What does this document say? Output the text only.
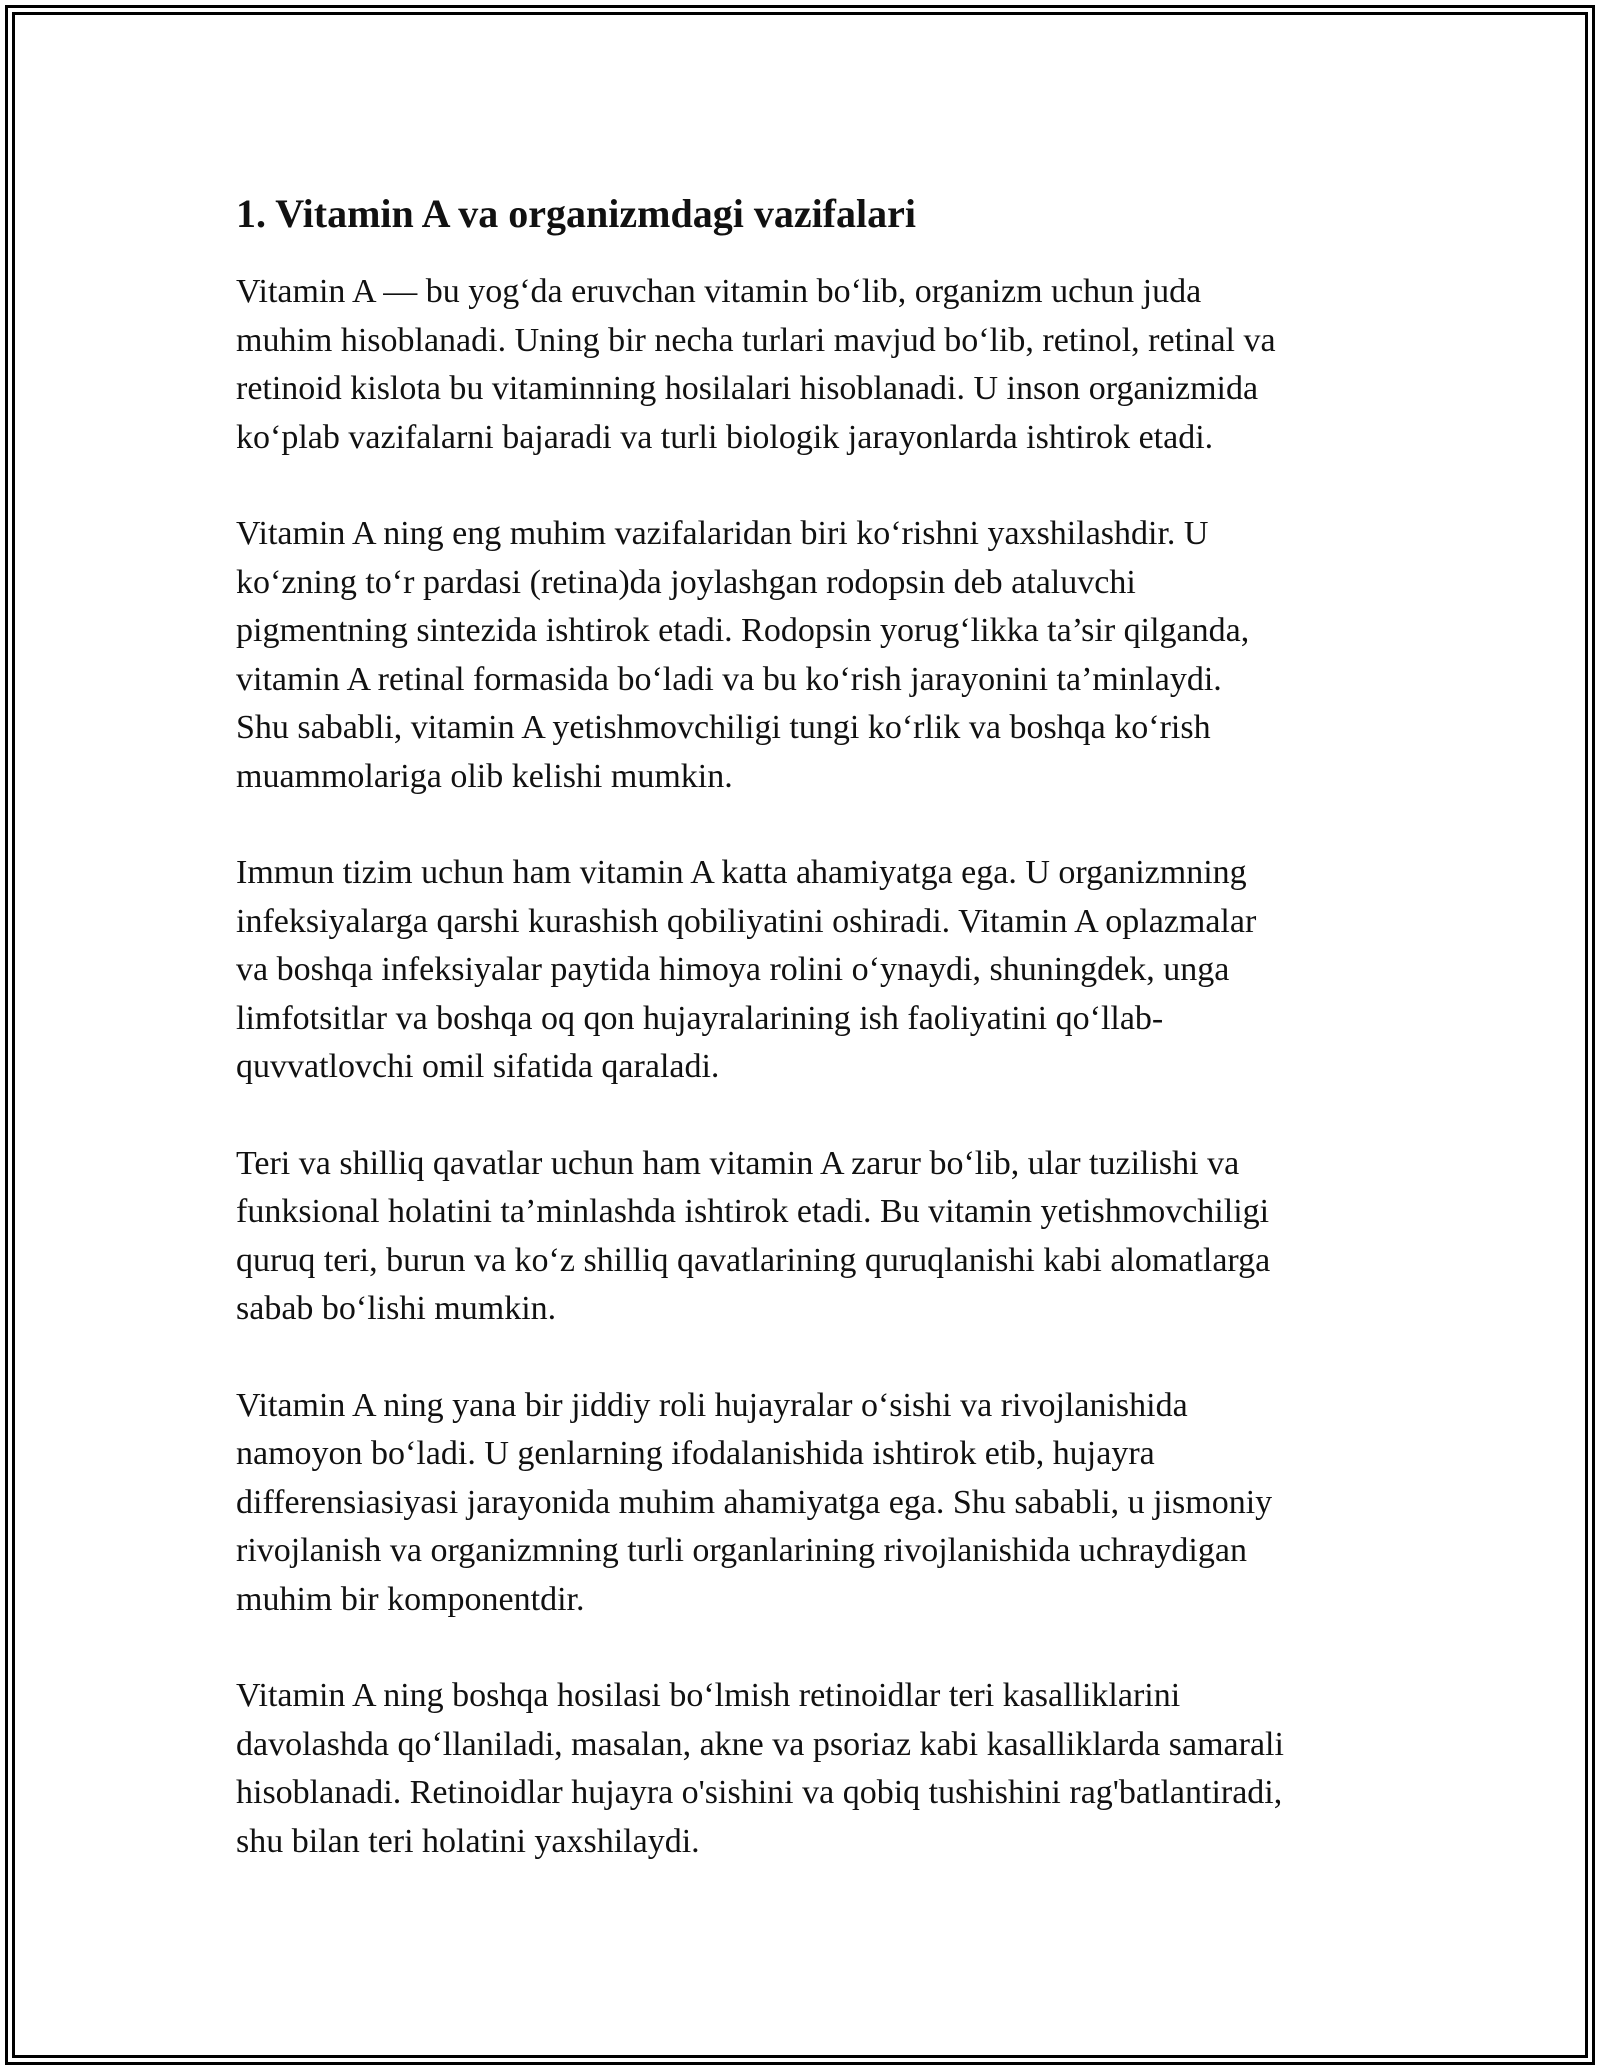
1. Vitamin A va organizmdagi vazifalari

Vitamin A — bu yog‘da eruvchan vitamin bo‘lib, organizm uchun juda
muhim hisoblanadi. Uning bir necha turlari mavjud bo‘lib, retinol, retinal va
retinoid kislota bu vitaminning hosilalari hisoblanadi. U inson organizmida
ko‘plab vazifalarni bajaradi va turli biologik jarayonlarda ishtirok etadi.

Vitamin A ning eng muhim vazifalaridan biri ko‘rishni yaxshilashdir. U
ko‘zning to‘r pardasi (retina)da joylashgan rodopsin deb ataluvchi
pigmentning sintezida ishtirok etadi. Rodopsin yorug‘likka ta’sir qilganda,
vitamin A retinal formasida bo‘ladi va bu ko‘rish jarayonini ta’minlaydi.
Shu sababli, vitamin A yetishmovchiligi tungi ko‘rlik va boshqa ko‘rish
muammolariga olib kelishi mumkin.

Immun tizim uchun ham vitamin A katta ahamiyatga ega. U organizmning
infeksiyalarga qarshi kurashish qobiliyatini oshiradi. Vitamin A oplazmalar
va boshqa infeksiyalar paytida himoya rolini o‘ynaydi, shuningdek, unga
limfotsitlar va boshqa oq qon hujayralarining ish faoliyatini qo‘llab-
quvvatlovchi omil sifatida qaraladi.

Teri va shilliq qavatlar uchun ham vitamin A zarur bo‘lib, ular tuzilishi va
funksional holatini ta’minlashda ishtirok etadi. Bu vitamin yetishmovchiligi
quruq teri, burun va ko‘z shilliq qavatlarining quruqlanishi kabi alomatlarga
sabab bo‘lishi mumkin.

Vitamin A ning yana bir jiddiy roli hujayralar o‘sishi va rivojlanishida
namoyon bo‘ladi. U genlarning ifodalanishida ishtirok etib, hujayra
differensiasiyasi jarayonida muhim ahamiyatga ega. Shu sababli, u jismoniy
rivojlanish va organizmning turli organlarining rivojlanishida uchraydigan
muhim bir komponentdir.

Vitamin A ning boshqa hosilasi bo‘lmish retinoidlar teri kasalliklarini
davolashda qo‘llaniladi, masalan, akne va psoriaz kabi kasalliklarda samarali
hisoblanadi. Retinoidlar hujayra o'sishini va qobiq tushishini rag'batlantiradi,
shu bilan teri holatini yaxshilaydi.
